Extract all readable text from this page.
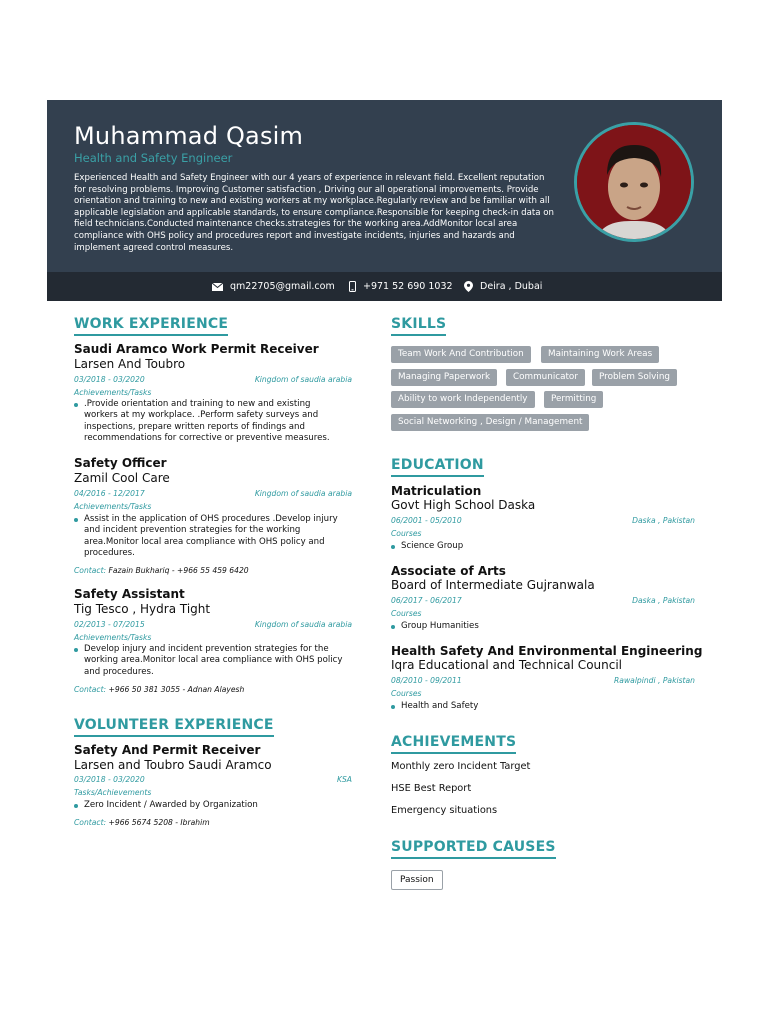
Muhammad Qasim
Health and Safety Engineer
Experienced Health and Safety Engineer with our 4 years of experience in relevant field. Excellent reputation for resolving problems. Improving Customer satisfaction , Driving our all operational improvements. Provide orientation and training to new and existing workers at my workplace.Regularly review and be familiar with all applicable legislation and applicable standards, to ensure compliance.Responsible for keeping check-in data on field technicians.Conducted maintenance checks.strategies for the working area.AddMonitor local area compliance with OHS policy and procedures report and investigate incidents, injuries and hazards and implement agreed control measures.
qm22705@gmail.com	+971 52 690 1032	Deira , Dubai
WORK EXPERIENCE
Saudi Aramco Work Permit Receiver
Larsen And Toubro
03/2018 - 03/2020	Kingdom of saudia arabia
Achievements/Tasks
.Provide orientation and training to new and existing workers at my workplace. .Perform safety surveys and inspections, prepare written reports of findings and recommendations for corrective or preventive measures.
Safety Officer
Zamil Cool Care
04/2016 - 12/2017	Kingdom of saudia arabia
Achievements/Tasks
Assist in the application of OHS procedures .Develop injury and incident prevention strategies for the working area.Monitor local area compliance with OHS policy and procedures.
Contact: Fazain Bukhariq - +966 55 459 6420
Safety Assistant
Tig Tesco , Hydra Tight
02/2013 - 07/2015	Kingdom of saudia arabia
Achievements/Tasks
Develop injury and incident prevention strategies for the working area.Monitor local area compliance with OHS policy and procedures.
Contact: +966 50 381 3055 - Adnan Alayesh
VOLUNTEER EXPERIENCE
Safety And Permit Receiver
Larsen and Toubro Saudi Aramco
03/2018 - 03/2020	KSA
Tasks/Achievements
Zero Incident / Awarded by Organization
Contact: +966 5674 5208 - Ibrahim
SKILLS
Team Work And Contribution	Maintaining Work Areas
Managing Paperwork	Communicator	Problem Solving
Ability to work Independently	Permitting
Social Networking , Design / Management
EDUCATION
Matriculation
Govt High School Daska
06/2001 - 05/2010	Daska , Pakistan
Courses
Science Group
Associate of Arts
Board of Intermediate Gujranwala
06/2017 - 06/2017	Daska , Pakistan
Courses
Group Humanities
Health Safety And Environmental Engineering
Iqra Educational and Technical Council
08/2010 - 09/2011	Rawalpindi , Pakistan
Courses
Health and Safety
ACHIEVEMENTS
Monthly zero Incident Target
HSE Best Report
Emergency situations
SUPPORTED CAUSES
Passion
